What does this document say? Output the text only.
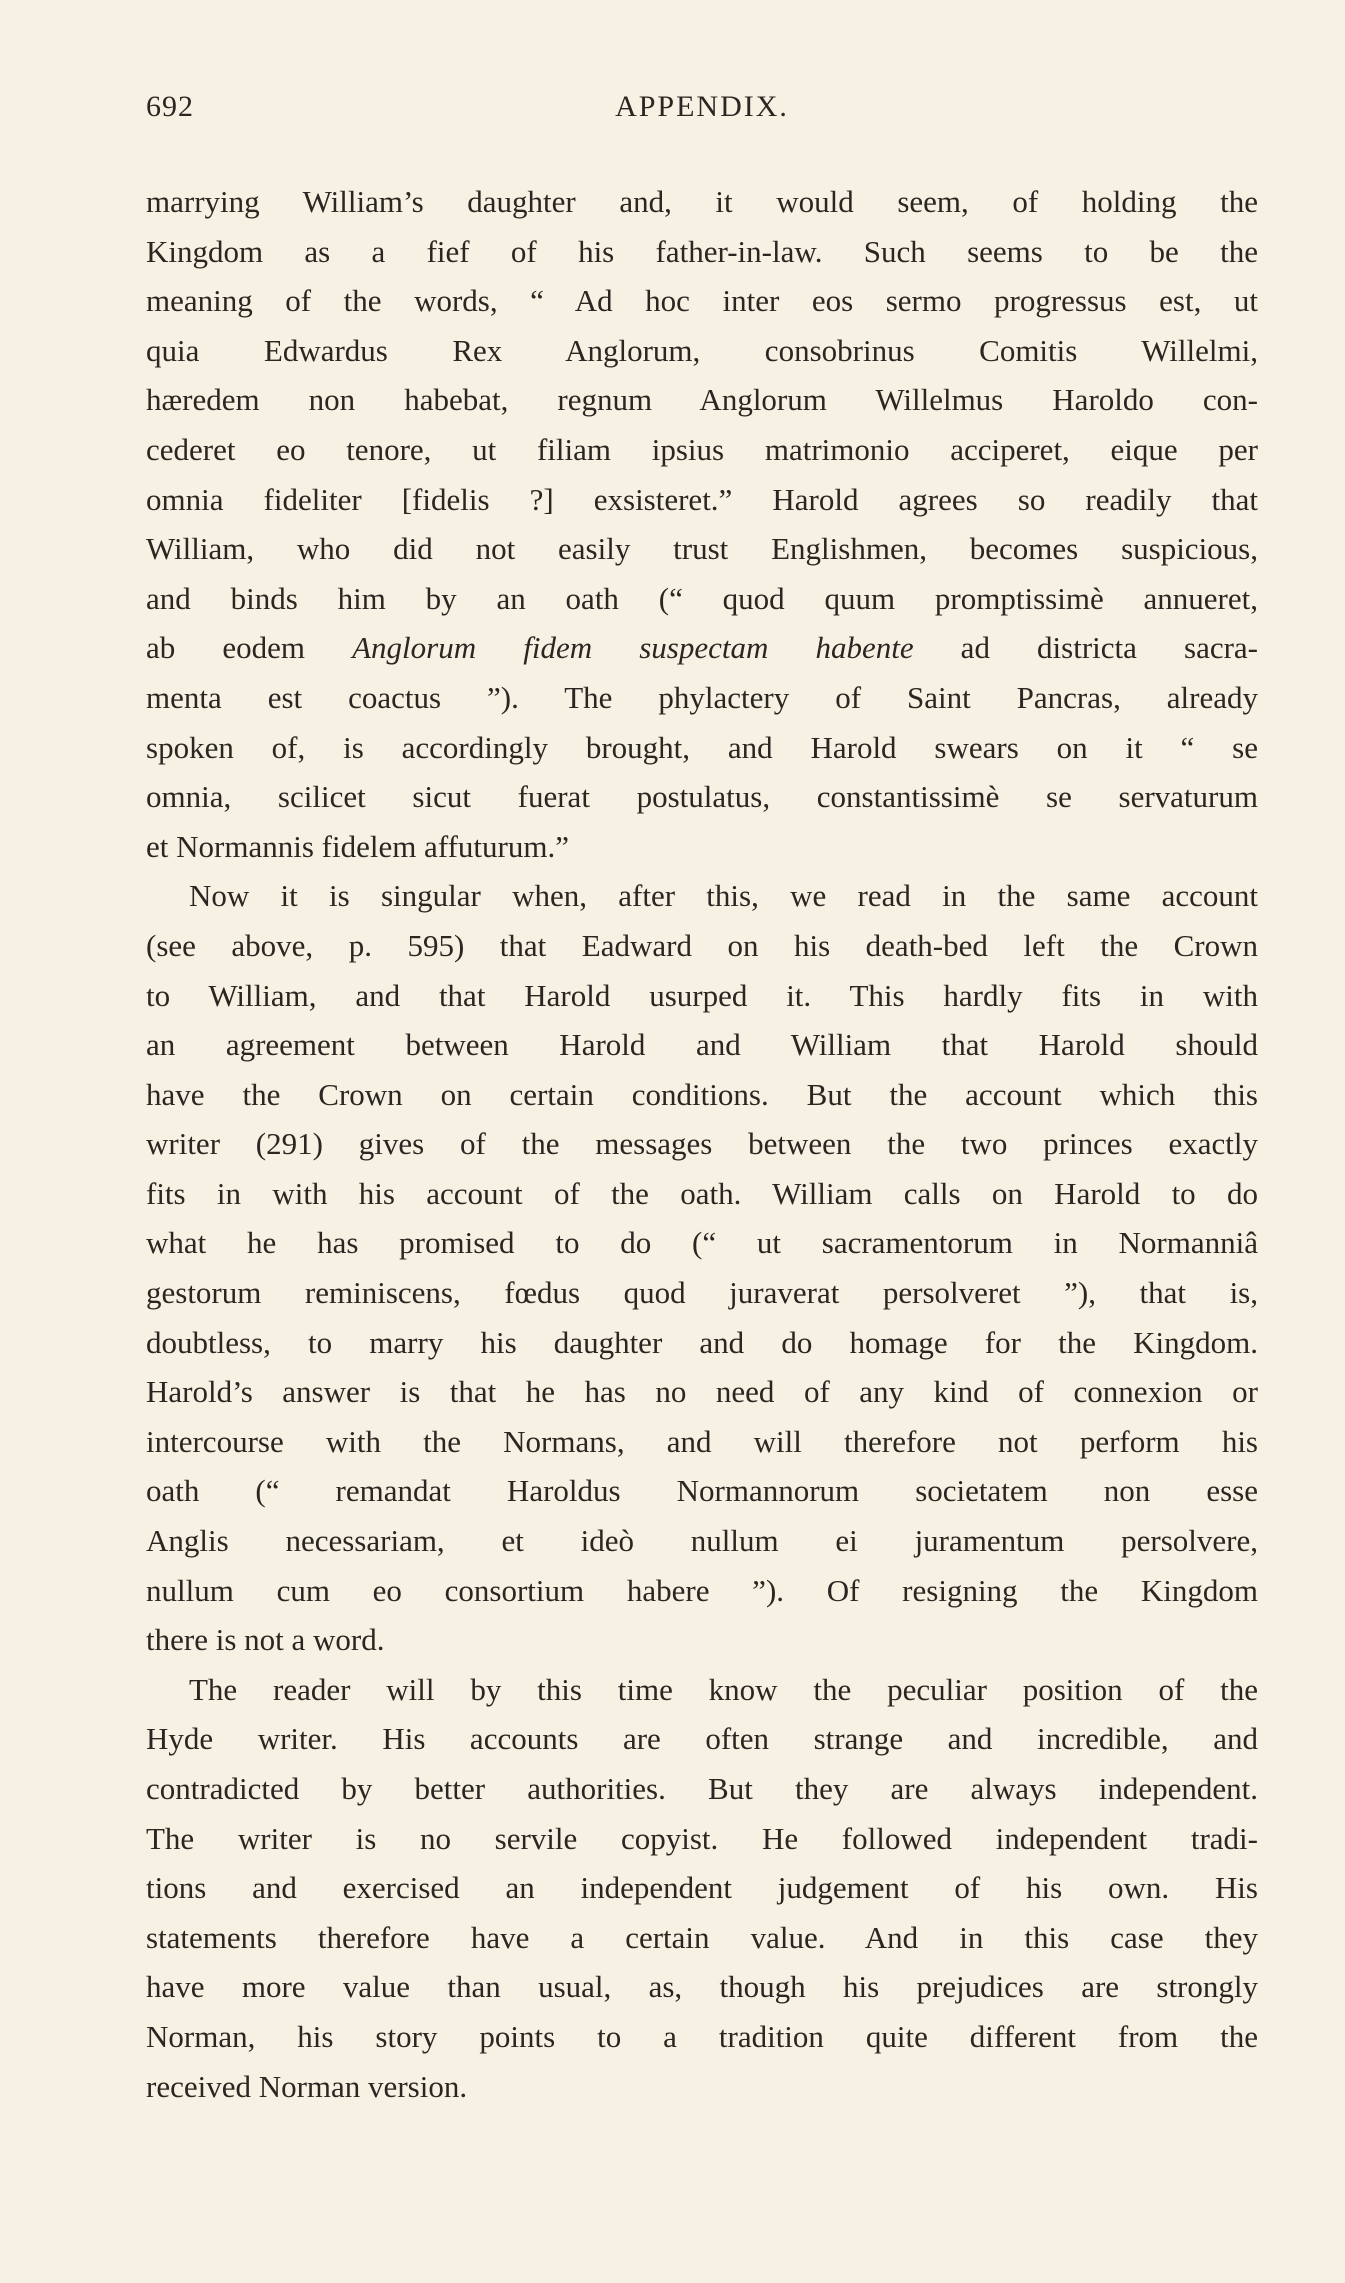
692	APPENDIX.
marrying William’s daughter and, it would seem, of holding the
Kingdom as a fief of his father-in-law. Such seems to be the
meaning of the words, “ Ad hoc inter eos sermo progressus est, ut
quia Edwardus Rex Anglorum, consobrinus Comitis Willelmi,
hæredem non habebat, regnum Anglorum Willelmus Haroldo con-
cederet eo tenore, ut filiam ipsius matrimonio acciperet, eique per
omnia fideliter [fidelis ?] exsisteret.” Harold agrees so readily that
William, who did not easily trust Englishmen, becomes suspicious,
and binds him by an oath (“ quod quum promptissimè annueret,
ab eodem Anglorum fidem suspectam habente ad districta sacra-
menta est coactus ”). The phylactery of Saint Pancras, already
spoken of, is accordingly brought, and Harold swears on it “ se
omnia, scilicet sicut fuerat postulatus, constantissimè se servaturum
et Normannis fidelem affuturum.”
Now it is singular when, after this, we read in the same account
(see above, p. 595) that Eadward on his death-bed left the Crown
to William, and that Harold usurped it. This hardly fits in with
an agreement between Harold and William that Harold should
have the Crown on certain conditions. But the account which this
writer (291) gives of the messages between the two princes exactly
fits in with his account of the oath. William calls on Harold to do
what he has promised to do (“ ut sacramentorum in Normanniâ
gestorum reminiscens, fœdus quod juraverat persolveret ”), that is,
doubtless, to marry his daughter and do homage for the Kingdom.
Harold’s answer is that he has no need of any kind of connexion or
intercourse with the Normans, and will therefore not perform his
oath (“ remandat Haroldus Normannorum societatem non esse
Anglis necessariam, et ideò nullum ei juramentum persolvere,
nullum cum eo consortium habere ”). Of resigning the Kingdom
there is not a word.
The reader will by this time know the peculiar position of the
Hyde writer. His accounts are often strange and incredible, and
contradicted by better authorities. But they are always independent.
The writer is no servile copyist. He followed independent tradi-
tions and exercised an independent judgement of his own. His
statements therefore have a certain value. And in this case they
have more value than usual, as, though his prejudices are strongly
Norman, his story points to a tradition quite different from the
received Norman version.
